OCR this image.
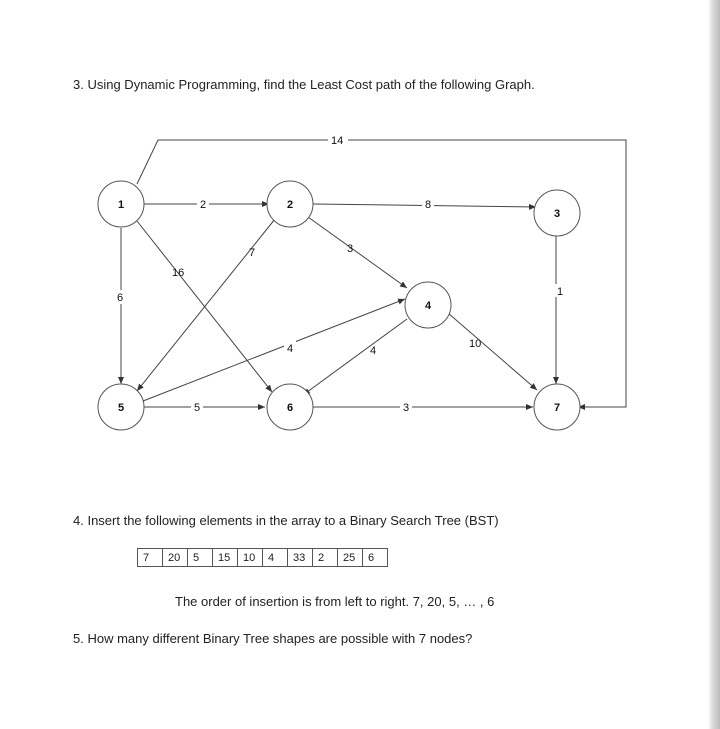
3. Using Dynamic Programming, find the Least Cost path of the following Graph.
14
2
6
16
8
3
7
1
10
4
4
5	3
1	2
3
4
5	6	7
4. Insert the following elements in the array to a Binary Search Tree (BST)
7	20	5	15	10	4	33	2	25	6
The order of insertion is from left to right. 7, 20, 5, … , 6
5. How many different Binary Tree shapes are possible with 7 nodes?
